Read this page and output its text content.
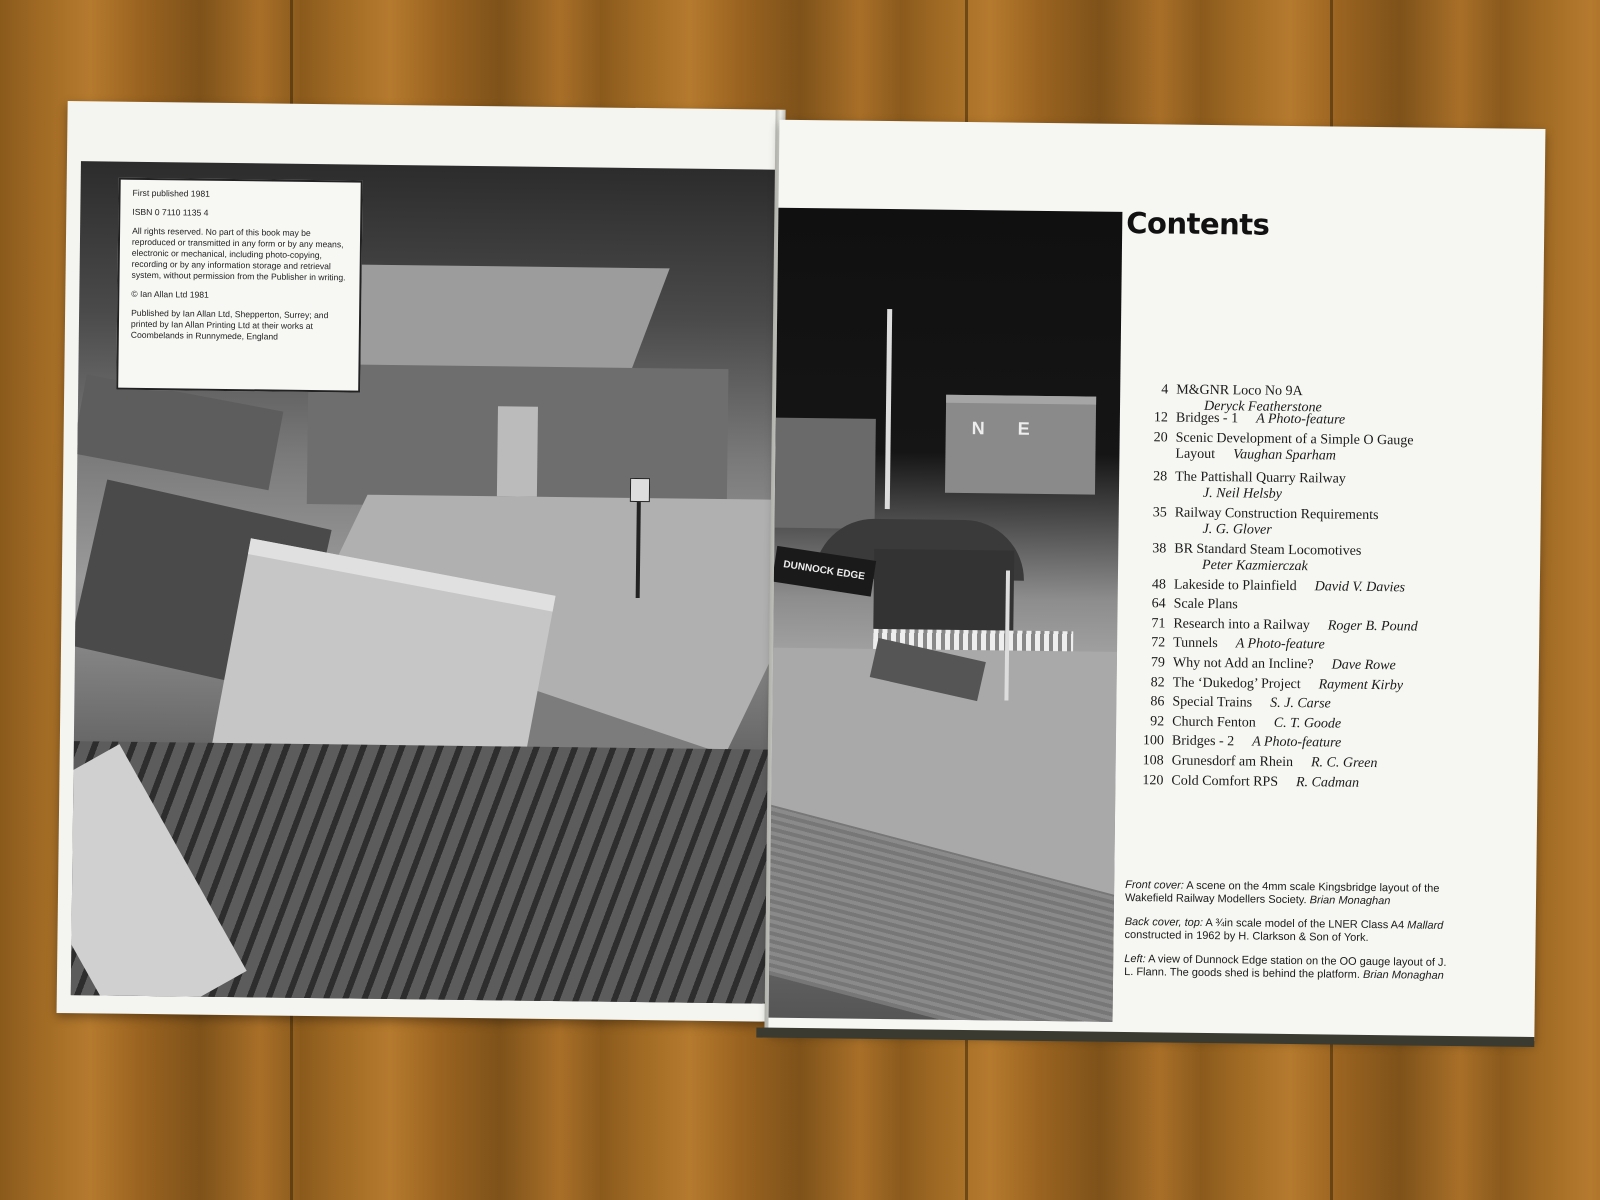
First published 1981

ISBN 0 7110 1135 4

All rights reserved. No part of this book may be reproduced or transmitted in any form or by any means, electronic or mechanical, including photo-copying, recording or by any information storage and retrieval system, without permission from the Publisher in writing.

© Ian Allan Ltd 1981

Published by Ian Allan Ltd, Shepperton, Surrey; and printed by Ian Allan Printing Ltd at their works at Coombelands in Runnymede, England

N E
DUNNOCK EDGE
Contents
4 M&GNR Loco No 9A
Deryck Featherstone
12 Bridges - 1 A Photo-feature
20 Scenic Development of a Simple O Gauge
Layout Vaughan Sparham
28 The Pattishall Quarry Railway
J. Neil Helsby
35 Railway Construction Requirements
J. G. Glover
38 BR Standard Steam Locomotives
Peter Kazmierczak
48 Lakeside to Plainfield David V. Davies
64 Scale Plans
71 Research into a Railway Roger B. Pound
72 Tunnels A Photo-feature
79 Why not Add an Incline? Dave Rowe
82 The ‘Dukedog’ Project Rayment Kirby
86 Special Trains S. J. Carse
92 Church Fenton C. T. Goode
100 Bridges - 2 A Photo-feature
108 Grunesdorf am Rhein R. C. Green
120 Cold Comfort RPS R. Cadman

Front cover: A scene on the 4mm scale Kingsbridge layout of the Wakefield Railway Modellers Society. Brian Monaghan

Back cover, top: A ¾in scale model of the LNER Class A4 Mallard constructed in 1962 by H. Clarkson & Son of York.

Left: A view of Dunnock Edge station on the OO gauge layout of J. L. Flann. The goods shed is behind the platform. Brian Monaghan
